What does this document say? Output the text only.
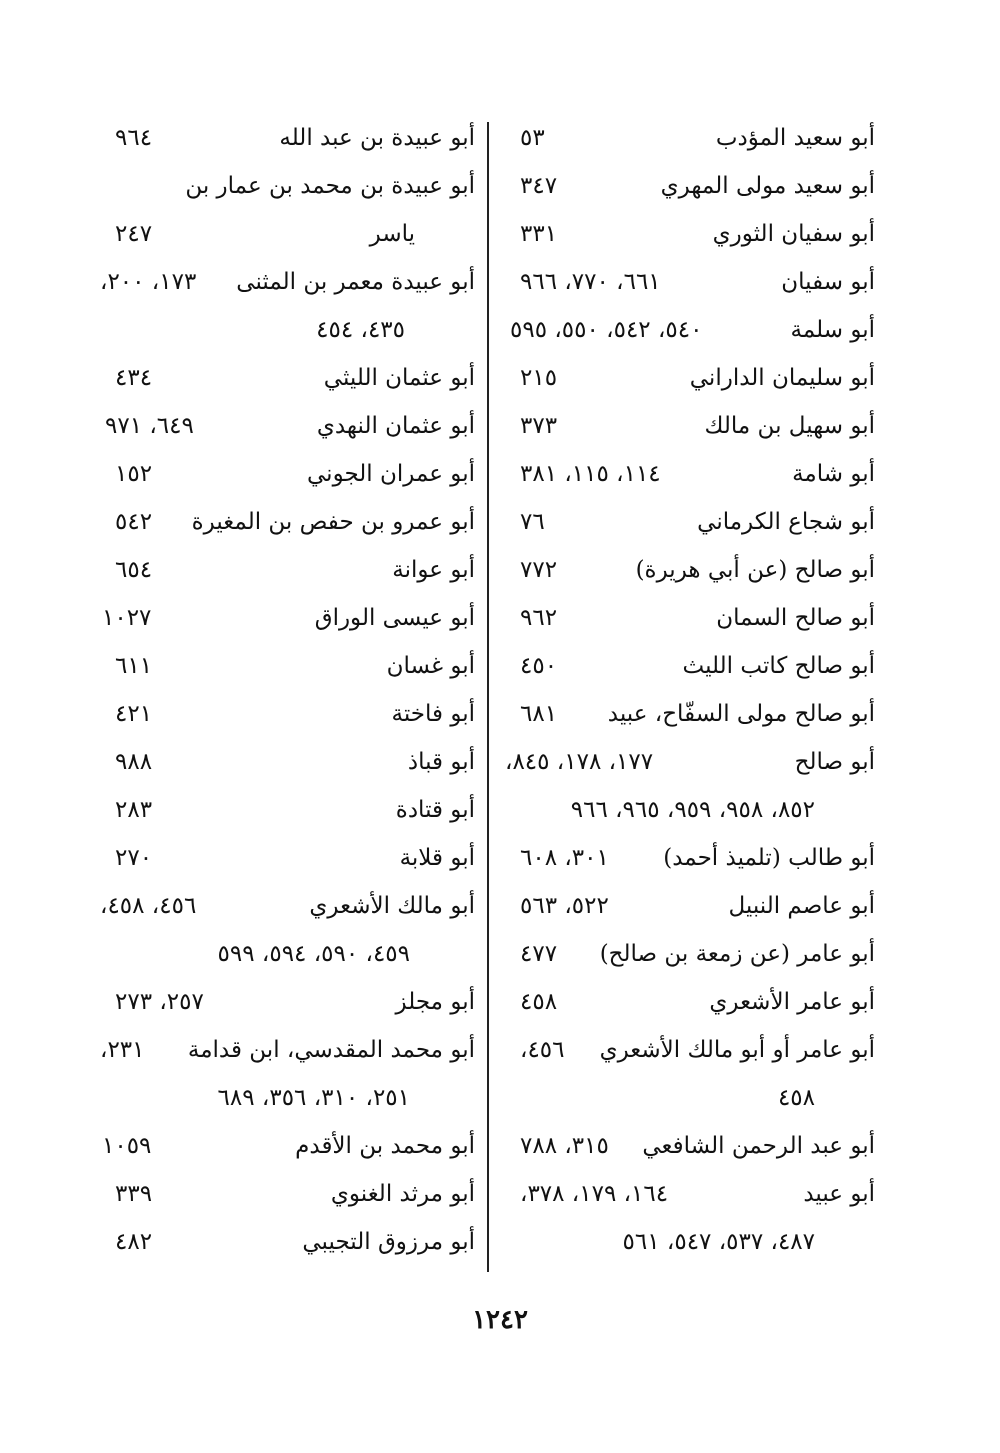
أبو سعيد المؤدب
٥٣
أبو سعيد مولى المهري
٣٤٧
أبو سفيان الثوري
٣٣١
أبو سفيان
٦٦١، ٧٧٠، ٩٦٦
أبو سلمة
٥٤٠، ٥٤٢، ٥٥٠، ٥٩٥
أبو سليمان الداراني
٢١٥
أبو سهيل بن مالك
٣٧٣
أبو شامة
١١٤، ١١٥، ٣٨١
أبو شجاع الكرماني
٧٦
أبو صالح (عن أبي هريرة)
٧٧٢
أبو صالح السمان
٩٦٢
أبو صالح كاتب الليث
٤٥٠
أبو صالح مولى السفّاح، عبيد
٦٨١
أبو صالح
١٧٧، ١٧٨، ٨٤٥،
٨٥٢، ٩٥٨، ٩٥٩، ٩٦٥، ٩٦٦
أبو طالب (تلميذ أحمد)
٣٠١، ٦٠٨
أبو عاصم النبيل
٥٢٢، ٥٦٣
أبو عامر (عن زمعة بن صالح)
٤٧٧
أبو عامر الأشعري
٤٥٨
أبو عامر أو أبو مالك الأشعري
٤٥٦،
٤٥٨
أبو عبد الرحمن الشافعي
٣١٥، ٧٨٨
أبو عبيد
١٦٤، ١٧٩، ٣٧٨،
٤٨٧، ٥٣٧، ٥٤٧، ٥٦١
أبو عبيدة بن عبد الله
٩٦٤
أبو عبيدة بن محمد بن عمار بن
ياسر
٢٤٧
أبو عبيدة معمر بن المثنى
١٧٣، ٢٠٠،
٤٣٥، ٤٥٤
أبو عثمان الليثي
٤٣٤
أبو عثمان النهدي
٦٤٩، ٩٧١
أبو عمران الجوني
١٥٢
أبو عمرو بن حفص بن المغيرة
٥٤٢
أبو عوانة
٦٥٤
أبو عيسى الوراق
١٠٢٧
أبو غسان
٦١١
أبو فاختة
٤٢١
أبو قباذ
٩٨٨
أبو قتادة
٢٨٣
أبو قلابة
٢٧٠
أبو مالك الأشعري
٤٥٦، ٤٥٨،
٤٥٩، ٥٩٠، ٥٩٤، ٥٩٩
أبو مجلز
٢٥٧، ٢٧٣
أبو محمد المقدسي، ابن قدامة
٢٣١،
٢٥١، ٣١٠، ٣٥٦، ٦٨٩
أبو محمد بن الأقدم
١٠٥٩
أبو مرثد الغنوي
٣٣٩
أبو مرزوق التجيبي
٤٨٢
١٢٤٢
